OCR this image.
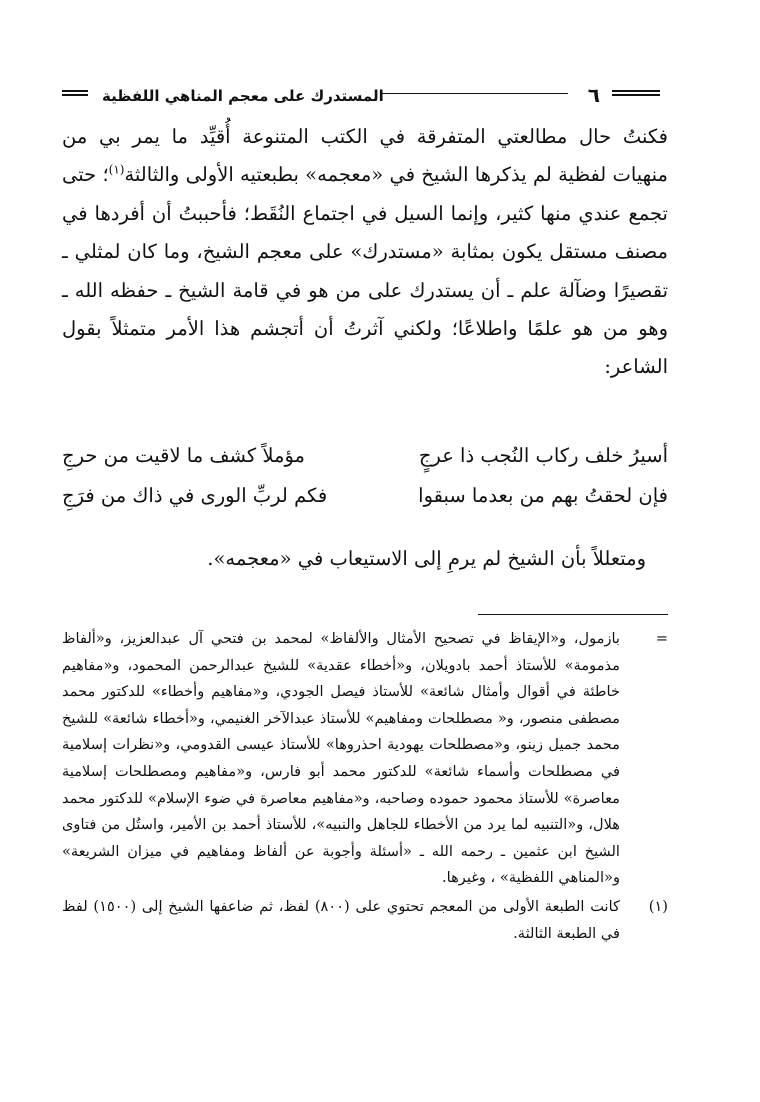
٦
المستدرك على معجم المناهي اللفظية

فكنتُ حال مطالعتي المتفرقة في الكتب المتنوعة أُقيِّد ما يمر بي من منهيات لفظية لم يذكرها الشيخ في «معجمه» بطبعتيه الأولى والثالثة$^{(١)}$؛ حتى تجمع عندي منها كثير، وإنما السيل في اجتماع النُقَط؛ فأحببتُ أن أفردها في مصنف مستقل يكون بمثابة «مستدرك» على معجم الشيخ، وما كان لمثلي ـ تقصيرًا وضآلة علم ـ أن يستدرك على من هو في قامة الشيخ ـ حفظه الله ـ وهو من هو علمًا واطلاعًا؛ ولكني آثرتُ أن أتجشم هذا الأمر متمثلاً بقول الشاعر:

أسيرُ خلف ركاب النُجب ذا عرجٍ
مؤملاً كشف ما لاقيت من حرجِ
فإن لحقتُ بهم من بعدما سبقوا
فكم لربِّ الورى في ذاك من فرَجِ
ومتعللاً بأن الشيخ لم يرمِ إلى الاستيعاب في «معجمه».
=
بازمول، و«الإيقاظ في تصحيح الأمثال والألفاظ» لمحمد بن فتحي آل عبدالعزيز، و«ألفاظ مذمومة» للأستاذ أحمد بادويلان، و«أخطاء عقدية» للشيخ عبدالرحمن المحمود، و«مفاهيم خاطئة في أقوال وأمثال شائعة» للأستاذ فيصل الجودي، و«مفاهيم وأخطاء» للدكتور محمد مصطفى منصور، و« مصطلحات ومفاهيم» للأستاذ عبدالآخر الغنيمي، و«أخطاء شائعة» للشيخ محمد جميل زينو، و«مصطلحات يهودية احذروها» للأستاذ عيسى القدومي، و«نظرات إسلامية في مصطلحات وأسماء شائعة» للدكتور محمد أبو فارس، و«مفاهيم ومصطلحات إسلامية معاصرة» للأستاذ محمود حموده وصاحبه، و«مفاهيم معاصرة في ضوء الإسلام» للدكتور محمد هلال، و«التنبيه لما يرد من الأخطاء للجاهل والنبيه»، للأستاذ أحمد بن الأمير، واستُل من فتاوى الشيخ ابن عثمين ـ رحمه الله ـ «أسئلة وأجوبة عن ألفاظ ومفاهيم في ميزان الشريعة» و«المناهي اللفظية» ، وغيرها.
(١)
كانت الطبعة الأولى من المعجم تحتوي على (٨٠٠) لفظ، ثم ضاعفها الشيخ إلى (١٥٠٠) لفظ في الطبعة الثالثة.
